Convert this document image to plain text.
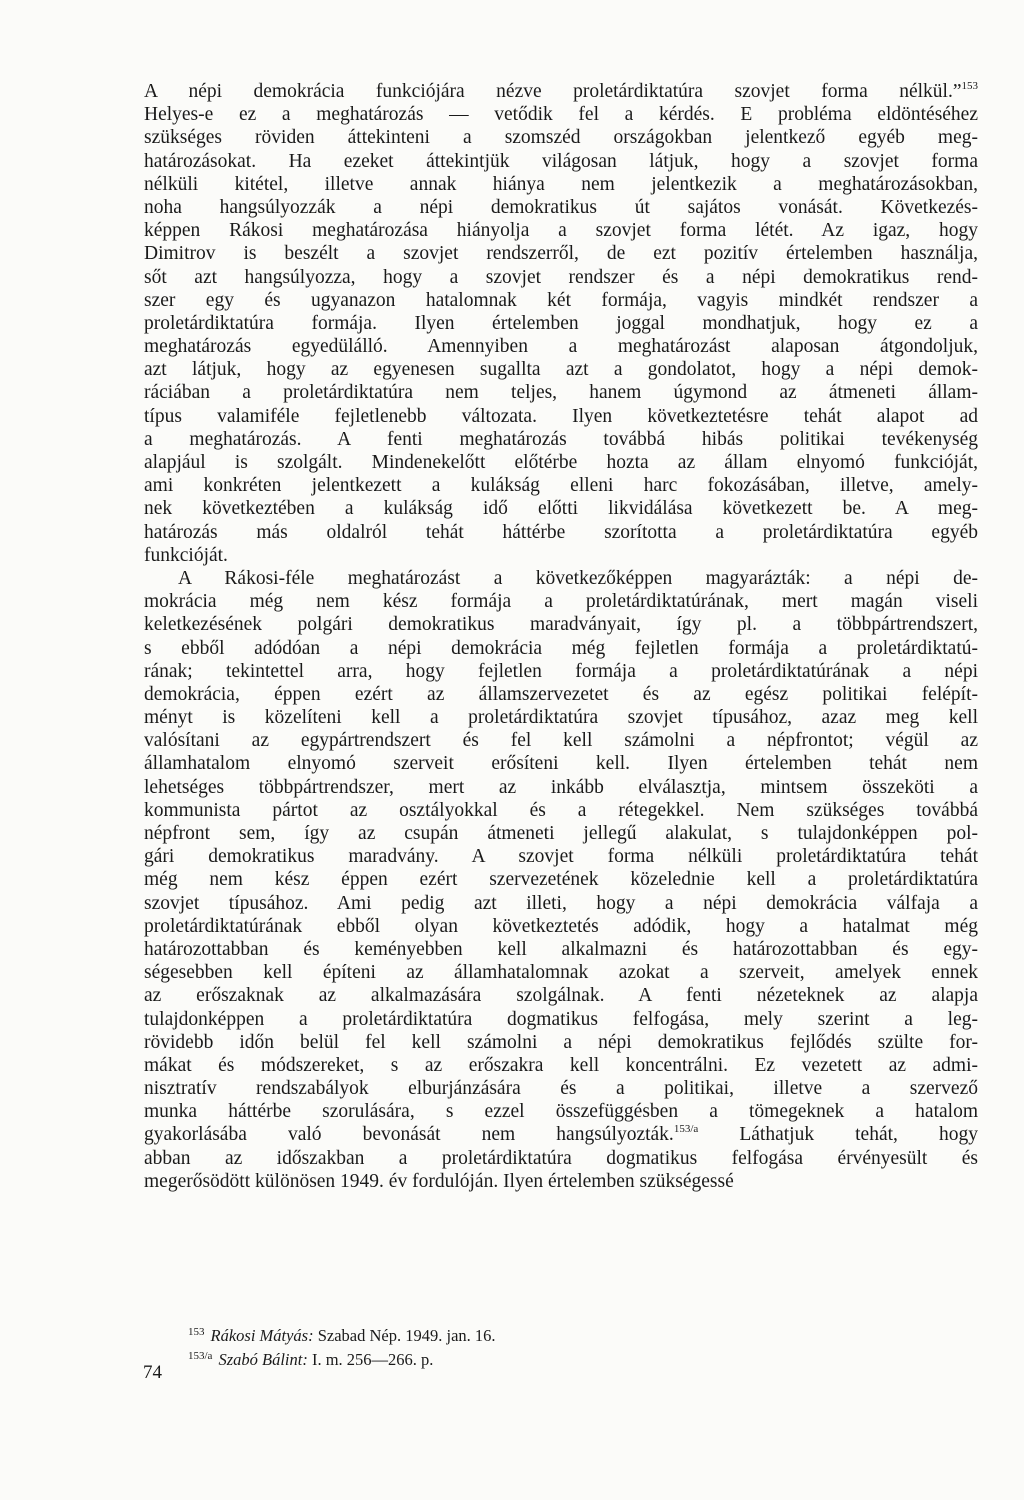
A népi demokrácia funkciójára nézve proletárdiktatúra szovjet forma nélkül.”$^{153}$
Helyes-e ez a meghatározás — vetődik fel a kérdés. E probléma eldöntéséhez
szükséges röviden áttekinteni a szomszéd országokban jelentkező egyéb meg-
határozásokat. Ha ezeket áttekintjük világosan látjuk, hogy a szovjet forma
nélküli kitétel, illetve annak hiánya nem jelentkezik a meghatározásokban,
noha hangsúlyozzák a népi demokratikus út sajátos vonását. Következés-
képpen Rákosi meghatározása hiányolja a szovjet forma létét. Az igaz, hogy
Dimitrov is beszélt a szovjet rendszerről, de ezt pozitív értelemben használja,
sőt azt hangsúlyozza, hogy a szovjet rendszer és a népi demokratikus rend-
szer egy és ugyanazon hatalomnak két formája, vagyis mindkét rendszer a
proletárdiktatúra formája. Ilyen értelemben joggal mondhatjuk, hogy ez a
meghatározás egyedülálló. Amennyiben a meghatározást alaposan átgondoljuk,
azt látjuk, hogy az egyenesen sugallta azt a gondolatot, hogy a népi demok-
ráciában a proletárdiktatúra nem teljes, hanem úgymond az átmeneti állam-
típus valamiféle fejletlenebb változata. Ilyen következtetésre tehát alapot ad
a meghatározás. A fenti meghatározás továbbá hibás politikai tevékenység
alapjául is szolgált. Mindenekelőtt előtérbe hozta az állam elnyomó funkcióját,
ami konkréten jelentkezett a kulákság elleni harc fokozásában, illetve, amely-
nek következtében a kulákság idő előtti likvidálása következett be. A meg-
határozás más oldalról tehát háttérbe szorította a proletárdiktatúra egyéb
funkcióját.
A Rákosi-féle meghatározást a következőképpen magyarázták: a népi de-
mokrácia még nem kész formája a proletárdiktatúrának, mert magán viseli
keletkezésének polgári demokratikus maradványait, így pl. a többpártrendszert,
s ebből adódóan a népi demokrácia még fejletlen formája a proletárdiktatú-
rának; tekintettel arra, hogy fejletlen formája a proletárdiktatúrának a népi
demokrácia, éppen ezért az államszervezetet és az egész politikai felépít-
ményt is közelíteni kell a proletárdiktatúra szovjet típusához, azaz meg kell
valósítani az egypártrendszert és fel kell számolni a népfrontot; végül az
államhatalom elnyomó szerveit erősíteni kell. Ilyen értelemben tehát nem
lehetséges többpártrendszer, mert az inkább elválasztja, mintsem összeköti a
kommunista pártot az osztályokkal és a rétegekkel. Nem szükséges továbbá
népfront sem, így az csupán átmeneti jellegű alakulat, s tulajdonképpen pol-
gári demokratikus maradvány. A szovjet forma nélküli proletárdiktatúra tehát
még nem kész éppen ezért szervezetének közelednie kell a proletárdiktatúra
szovjet típusához. Ami pedig azt illeti, hogy a népi demokrácia válfaja a
proletárdiktatúrának ebből olyan következtetés adódik, hogy a hatalmat még
határozottabban és keményebben kell alkalmazni és határozottabban és egy-
ségesebben kell építeni az államhatalomnak azokat a szerveit, amelyek ennek
az erőszaknak az alkalmazására szolgálnak. A fenti nézeteknek az alapja
tulajdonképpen a proletárdiktatúra dogmatikus felfogása, mely szerint a leg-
rövidebb időn belül fel kell számolni a népi demokratikus fejlődés szülte for-
mákat és módszereket, s az erőszakra kell koncentrálni. Ez vezetett az admi-
nisztratív rendszabályok elburjánzására és a politikai, illetve a szervező
munka háttérbe szorulására, s ezzel összefüggésben a tömegeknek a hatalom
gyakorlásába való bevonását nem hangsúlyozták.$^{153/a}$ Láthatjuk tehát, hogy
abban az időszakban a proletárdiktatúra dogmatikus felfogása érvényesült és
megerősödött különösen 1949. év fordulóján. Ilyen értelemben szükségessé
$^{153}$ Rákosi Mátyás: Szabad Nép. 1949. jan. 16.
$^{153/a}$ Szabó Bálint: I. m. 256—266. p.
74
